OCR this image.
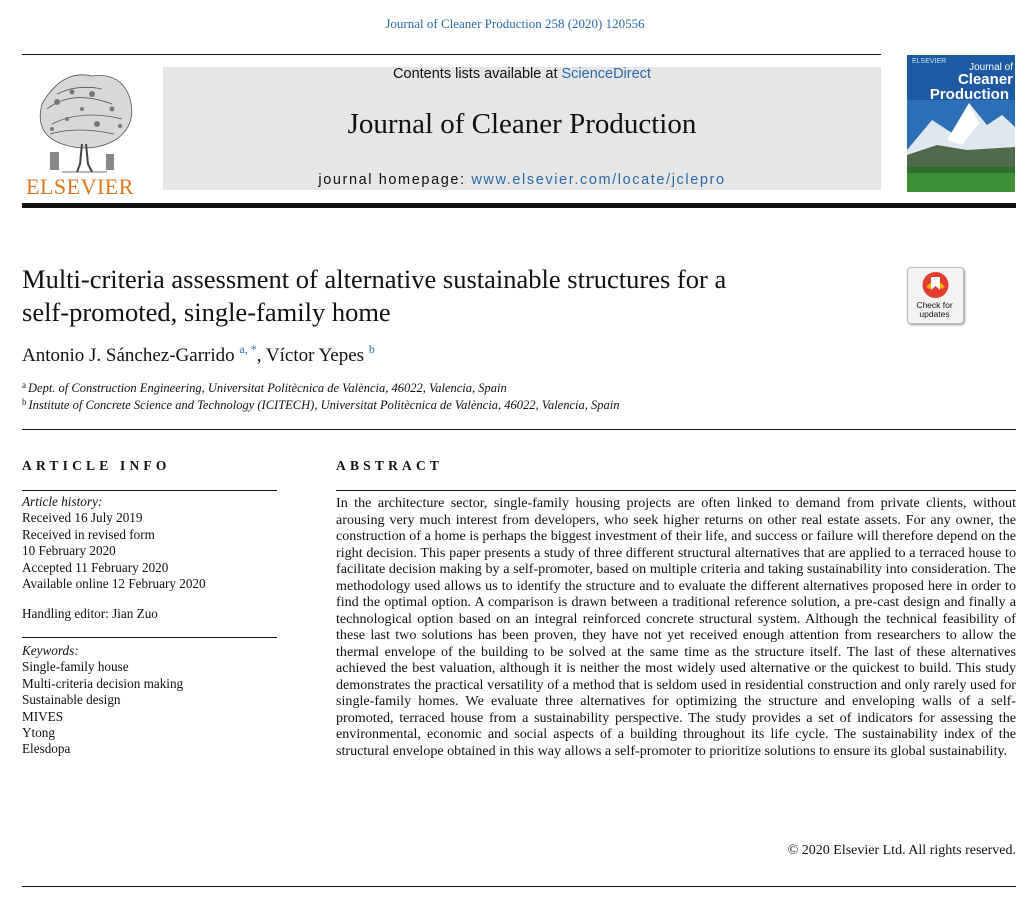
Journal of Cleaner Production 258 (2020) 120556
ELSEVIER
Contents lists available at ScienceDirect
Journal of Cleaner Production
journal homepage: www.elsevier.com/locate/jclepro
ELSEVIER
Journal of
Cleaner
Production
Multi-criteria assessment of alternative sustainable structures for a
self-promoted, single-family home	Check for
updates
Antonio J. Sánchez-Garrido $^{a, *}$, Víctor Yepes $^b$
$^a$ Dept. of Construction Engineering, Universitat Politècnica de València, 46022, Valencia, Spain
$^b$ Institute of Concrete Science and Technology (ICITECH), Universitat Politècnica de València, 46022, Valencia, Spain
ARTICLE INFO	ABSTRACT
Article history:
Received 16 July 2019
Received in revised form
10 February 2020
Accepted 11 February 2020
Available online 12 February 2020
Handling editor: Jian Zuo
Keywords:
Single-family house
Multi-criteria decision making
Sustainable design
MIVES
Ytong
Elesdopa
In the architecture sector, single-family housing projects are often linked to demand from private clients, without arousing very much interest from developers, who seek higher returns on other real estate assets. For any owner, the construction of a home is perhaps the biggest investment of their life, and success or failure will therefore depend on the right decision. This paper presents a study of three different structural alternatives that are applied to a terraced house to facilitate decision making by a self-promoter, based on multiple criteria and taking sustainability into consideration. The methodology used allows us to identify the structure and to evaluate the different alternatives proposed here in order to find the optimal option. A comparison is drawn between a traditional reference solution, a pre-cast design and finally a technological option based on an integral reinforced concrete structural system. Although the technical feasibility of these last two solutions has been proven, they have not yet received enough attention from researchers to allow the thermal envelope of the building to be solved at the same time as the structure itself. The last of these alternatives achieved the best valuation, although it is neither the most widely used alternative or the quickest to build. This study demonstrates the practical versatility of a method that is seldom used in residential construction and only rarely used for single-family homes. We evaluate three alternatives for optimizing the structure and enveloping walls of a self-promoted, terraced house from a sustainability perspective. The study provides a set of indicators for assessing the environmental, economic and social aspects of a building throughout its life cycle. The sustainability index of the structural envelope obtained in this way allows a self-promoter to prioritize solutions to ensure its global sustainability.
© 2020 Elsevier Ltd. All rights reserved.
